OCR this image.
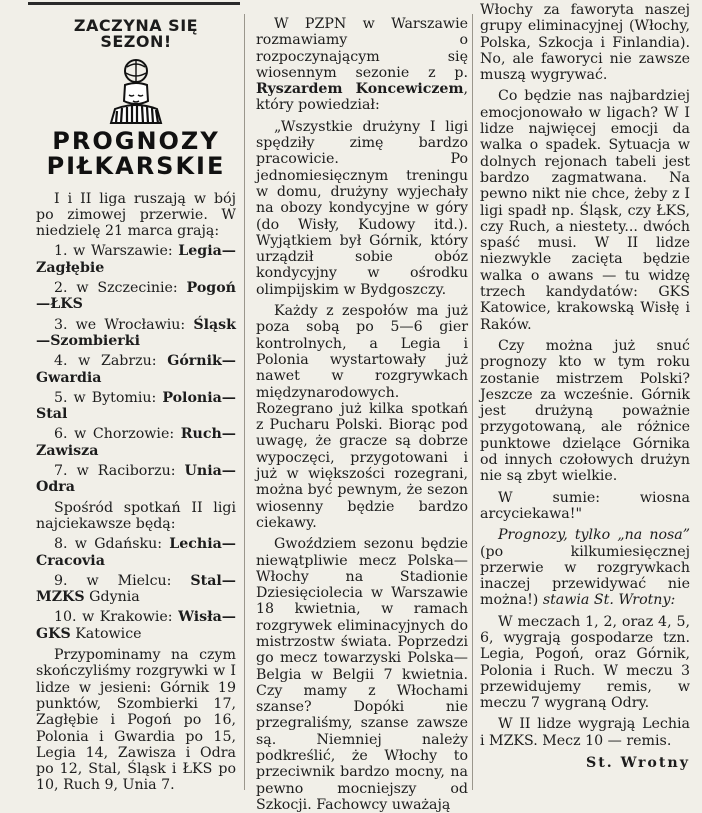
ZACZYNA SIĘ SEZON!
PROGNOZY
PIŁKARSKIE

I i II liga ruszają w bój po zimowej przerwie. W niedzielę 21 marca grają:

1. w Warszawie: Legia—Zagłębie

2. w Szczecinie: Pogoń—ŁKS

3. we Wrocławiu: Śląsk—Szombierki

4. w Zabrzu: Górnik—Gwardia

5. w Bytomiu: Polonia—Stal

6. w Chorzowie: Ruch—Zawisza

7. w Raciborzu: Unia—Odra

Spośród spotkań II ligi najciekawsze będą:

8. w Gdańsku: Lechia—Cracovia

9. w Mielcu: Stal—MZKS Gdynia

10. w Krakowie: Wisła—GKS Katowice

Przypominamy na czym skończyliśmy rozgrywki w I lidze w jesieni: Górnik 19 punktów, Szombierki 17, Zagłębie i Pogoń po 16, Polonia i Gwardia po 15, Legia 14, Zawisza i Odra po 12, Stal, Śląsk i ŁKS po 10, Ruch 9, Unia 7.

W PZPN w Warszawie rozmawiamy o rozpoczynającym się wiosennym sezonie z p. Ryszardem Koncewiczem, który powiedział:

„Wszystkie drużyny I ligi spędziły zimę bardzo pracowicie. Po jednomiesięcznym treningu w domu, drużyny wyjechały na obozy kondycyjne w góry (do Wisły, Kudowy itd.). Wyjątkiem był Górnik, który urządził sobie obóz kondycyjny w ośrodku olimpijskim w Bydgoszczy.

Każdy z zespołów ma już poza sobą po 5—6 gier kontrolnych, a Legia i Polonia wystartowały już nawet w rozgrywkach międzynarodowych. Rozegrano już kilka spotkań z Pucharu Polski. Biorąc pod uwagę, że gracze są dobrze wypoczęci, przygotowani i już w większości rozegrani, można być pewnym, że sezon wiosenny będzie bardzo ciekawy.

Gwoździem sezonu będzie niewątpliwie mecz Polska—Włochy na Stadionie Dziesięciolecia w Warszawie 18 kwietnia, w ramach rozgrywek eliminacyjnych do mistrzostw świata. Poprzedzi go mecz towarzyski Polska—Belgia w Belgii 7 kwietnia. Czy mamy z Włochami szanse? Dopóki nie przegraliśmy, szanse zawsze są. Niemniej należy podkreślić, że Włochy to przeciwnik bardzo mocny, na pewno mocniejszy od Szkocji. Fachowcy uważają

Włochy za faworyta naszej grupy eliminacyjnej (Włochy, Polska, Szkocja i Finlandia). No, ale faworyci nie zawsze muszą wygrywać.

Co będzie nas najbardziej emocjonowało w ligach? W I lidze najwięcej emocji da walka o spadek. Sytuacja w dolnych rejonach tabeli jest bardzo zagmatwana. Na pewno nikt nie chce, żeby z I ligi spadł np. Śląsk, czy ŁKS, czy Ruch, a niestety... dwóch spaść musi. W II lidze niezwykle zacięta będzie walka o awans — tu widzę trzech kandydatów: GKS Katowice, krakowską Wisłę i Raków.

Czy można już snuć prognozy kto w tym roku zostanie mistrzem Polski? Jeszcze za wcześnie. Górnik jest drużyną poważnie przygotowaną, ale różnice punktowe dzielące Górnika od innych czołowych drużyn nie są zbyt wielkie.

W sumie: wiosna arcyciekawa!"

Prognozy, tylko „na nosa” (po kilkumiesięcznej przerwie w rozgrywkach inaczej przewidywać nie można!) stawia St. Wrotny:

W meczach 1, 2, oraz 4, 5, 6, wygrają gospodarze tzn. Legia, Pogoń, oraz Górnik, Polonia i Ruch. W meczu 3 przewidujemy remis, w meczu 7 wygraną Odry.

W II lidze wygrają Lechia i MZKS. Mecz 10 — remis.

St. Wrotny
